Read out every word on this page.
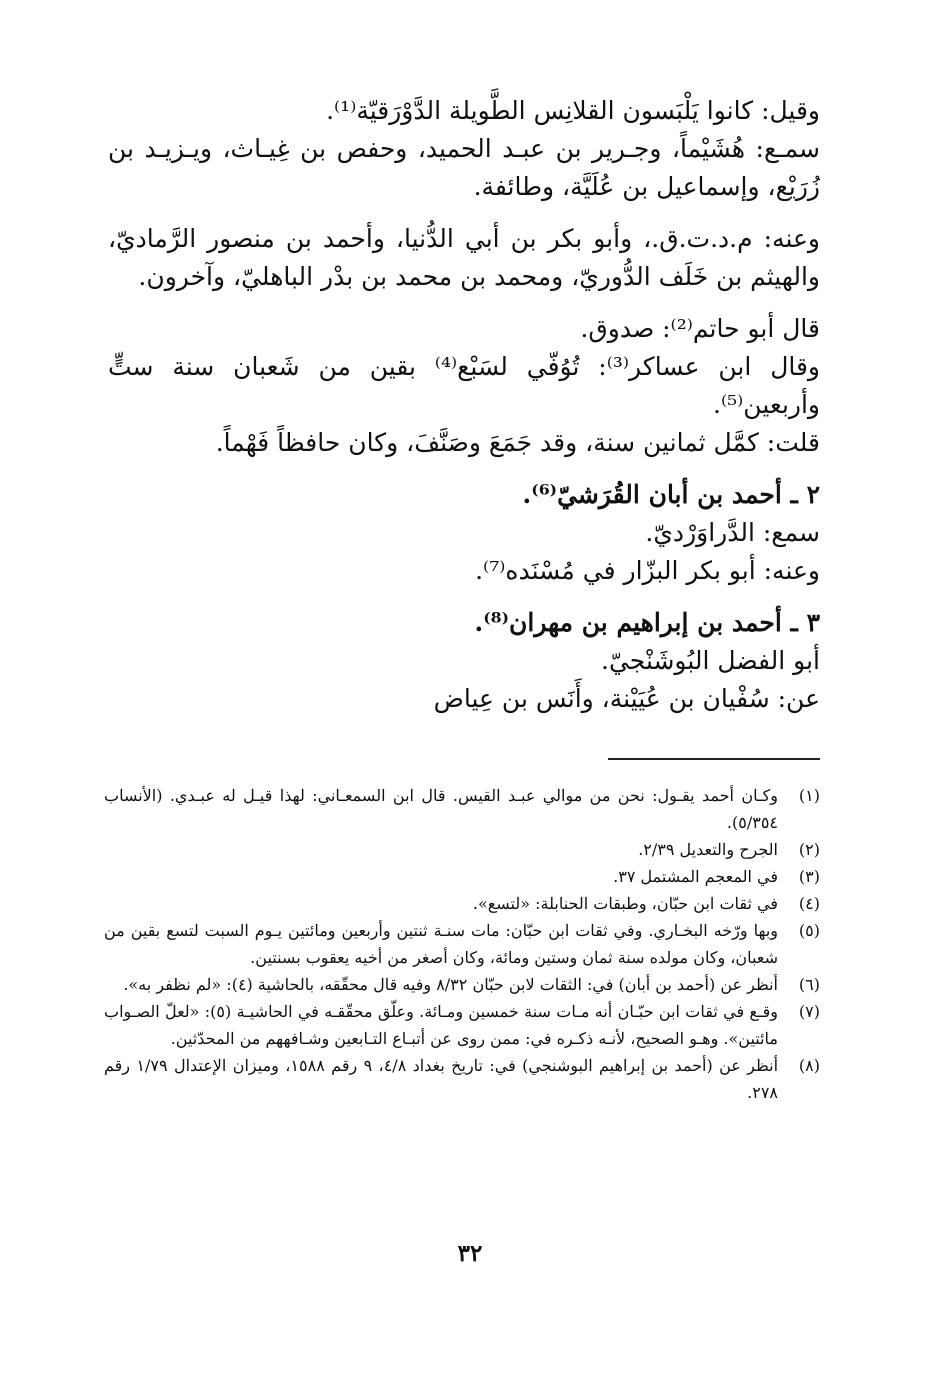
وقيل: كانوا يَلْبَسون القلانِس الطَّويلة الدَّوْرَقيّة⁽¹⁾.

سمـع: هُشَيْماً، وجـرير بن عبـد الحميد، وحفص بن غِيـاث، ويـزيـد بن زُرَيْع، وإسماعيل بن عُلَيَّة، وطائفة.

وعنه: م.د.ت.ق.، وأبو بكر بن أبي الدُّنيا، وأحمد بن منصور الرَّماديّ، والهيثم بن خَلَف الدُّوريّ، ومحمد بن محمد بن بدْر الباهليّ، وآخرون.

قال أبو حاتم⁽²⁾: صدوق.

وقال ابن عساكر⁽³⁾: تُوُفّي لسَبْع⁽⁴⁾ بقين من شَعبان سنة ستٍّ وأربعين⁽⁵⁾.

قلت: كمَّل ثمانين سنة، وقد جَمَعَ وصَنَّفَ، وكان حافظاً فَهْماً.

٢ ـ أحمد بن أبان القُرَشيّ⁽⁶⁾.

سمع: الدَّراوَرْديّ.

وعنه: أبو بكر البزّار في مُسْنَده⁽⁷⁾.

٣ ـ أحمد بن إبراهيم بن مهران⁽⁸⁾.

أبو الفضل البُوشَنْجيّ.

عن: سُفْيان بن عُيَيْنة، وأَنَس بن عِياض

(١)
وكـان أحمد يقـول: نحن من موالي عبـد القيس. قال ابن السمعـاني: لهذا قيـل له عبـدي. (الأنساب ٥/٣٥٤).
(٢)
الجرح والتعديل ٢/٣٩.
(٣)
في المعجم المشتمل ٣٧.
(٤)
في ثقات ابن حبّان، وطبقات الحنابلة: «لتسع».
(٥)
وبها ورّخه البخـاري. وفي ثقات ابن حبّان: مات سنـة ثنتين وأربعين ومائتين يـوم السبت لتسع بقين من شعبان، وكان مولده سنة ثمان وستين ومائة، وكان أصغر من أخيه يعقوب بسنتين.
(٦)
أنظر عن (أحمد بن أبان) في: الثقات لابن حبّان ٨/٣٢ وفيه قال محقّقه، بالحاشية (٤): «لم نظفر به».
(٧)
وقـع في ثقات ابن حبّـان أنه مـات سنة خمسين ومـائة. وعلّق محقّقـه في الحاشيـة (٥): «لعلّ الصـواب مائتين». وهـو الصحيح، لأنـه ذكـره في: ممن روى عن أتبـاع التـابعين وشـافههم من المحدّثين.
(٨)
أنظر عن (أحمد بن إبراهيم البوشنجي) في: تاريخ بغداد ٤/٨، ٩ رقم ١٥٨٨، وميزان الإعتدال ١/٧٩ رقم ٢٧٨.
٣٢
